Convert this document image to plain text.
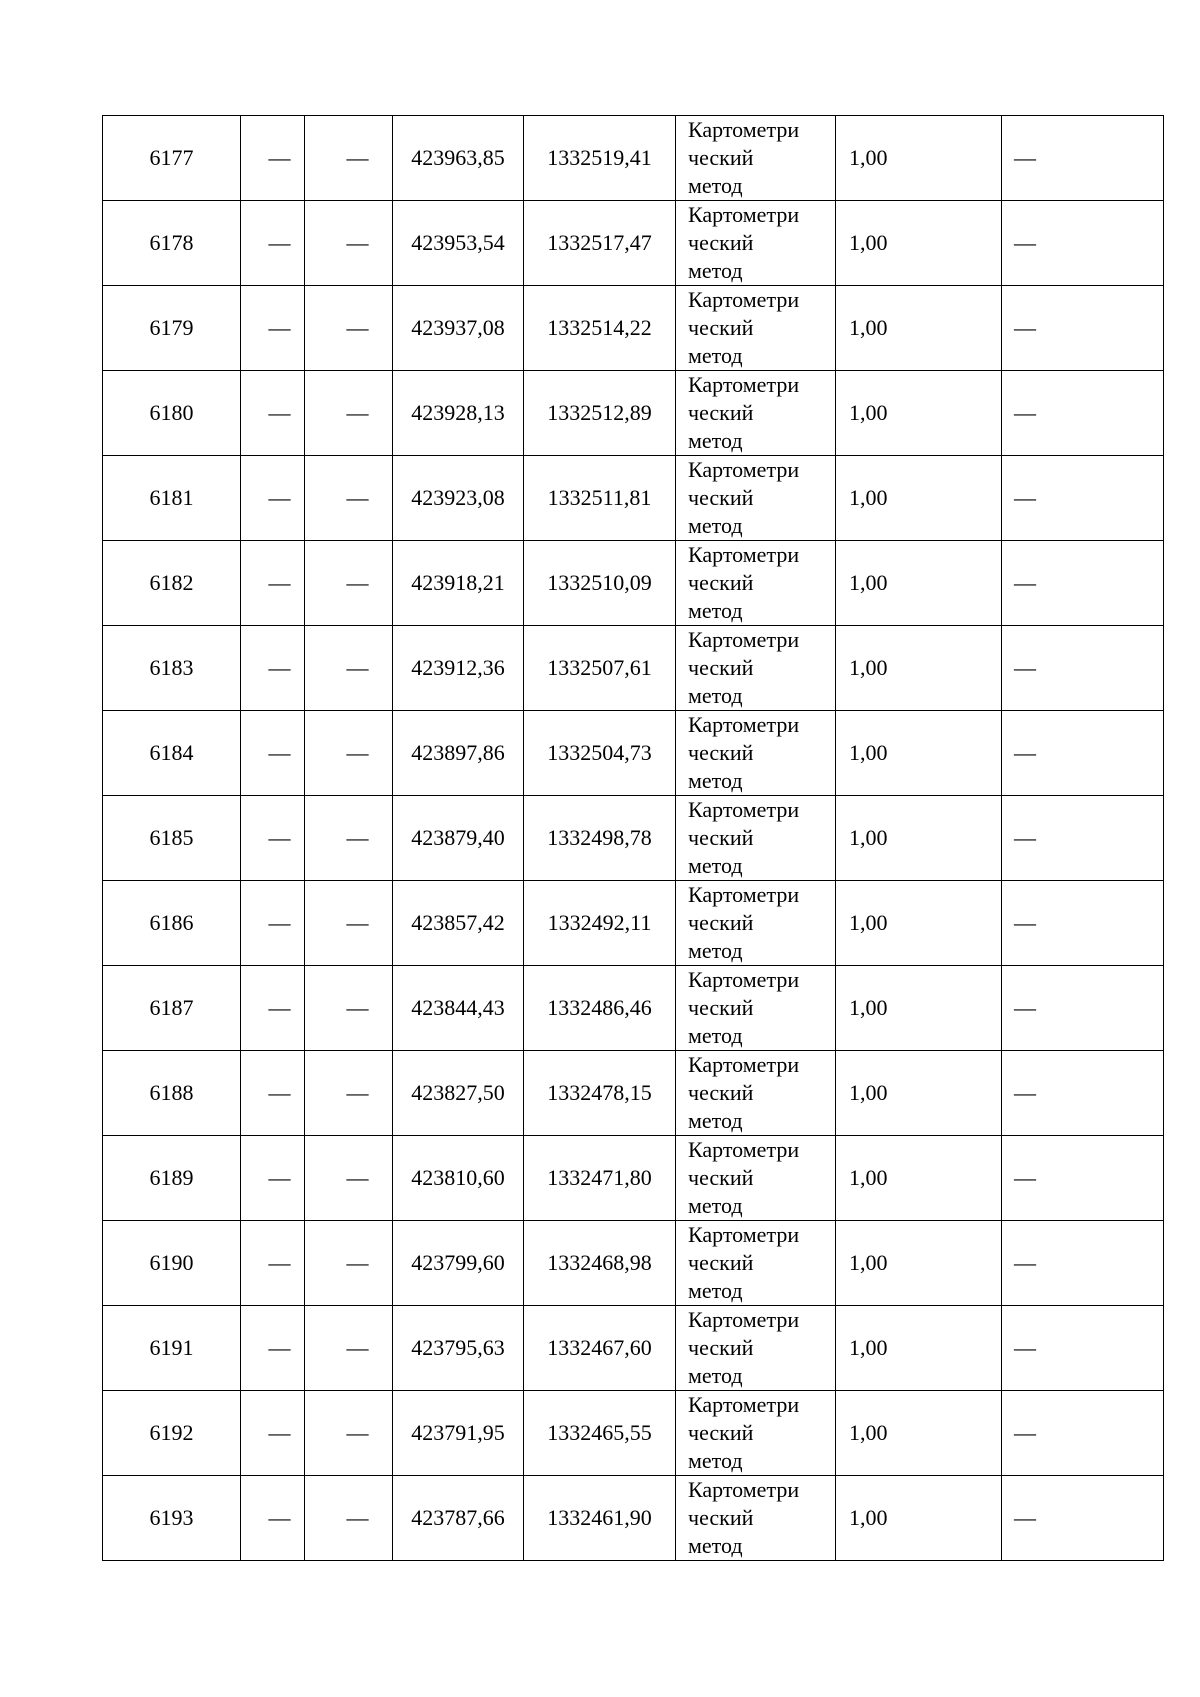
6177	—	—	423963,85	1332519,41	Картометри
ческий
метод	1,00	—
6178	—	—	423953,54	1332517,47	Картометри
ческий
метод	1,00	—
6179	—	—	423937,08	1332514,22	Картометри
ческий
метод	1,00	—
6180	—	—	423928,13	1332512,89	Картометри
ческий
метод	1,00	—
6181	—	—	423923,08	1332511,81	Картометри
ческий
метод	1,00	—
6182	—	—	423918,21	1332510,09	Картометри
ческий
метод	1,00	—
6183	—	—	423912,36	1332507,61	Картометри
ческий
метод	1,00	—
6184	—	—	423897,86	1332504,73	Картометри
ческий
метод	1,00	—
6185	—	—	423879,40	1332498,78	Картометри
ческий
метод	1,00	—
6186	—	—	423857,42	1332492,11	Картометри
ческий
метод	1,00	—
6187	—	—	423844,43	1332486,46	Картометри
ческий
метод	1,00	—
6188	—	—	423827,50	1332478,15	Картометри
ческий
метод	1,00	—
6189	—	—	423810,60	1332471,80	Картометри
ческий
метод	1,00	—
6190	—	—	423799,60	1332468,98	Картометри
ческий
метод	1,00	—
6191	—	—	423795,63	1332467,60	Картометри
ческий
метод	1,00	—
6192	—	—	423791,95	1332465,55	Картометри
ческий
метод	1,00	—
6193	—	—	423787,66	1332461,90	Картометри
ческий
метод	1,00	—
